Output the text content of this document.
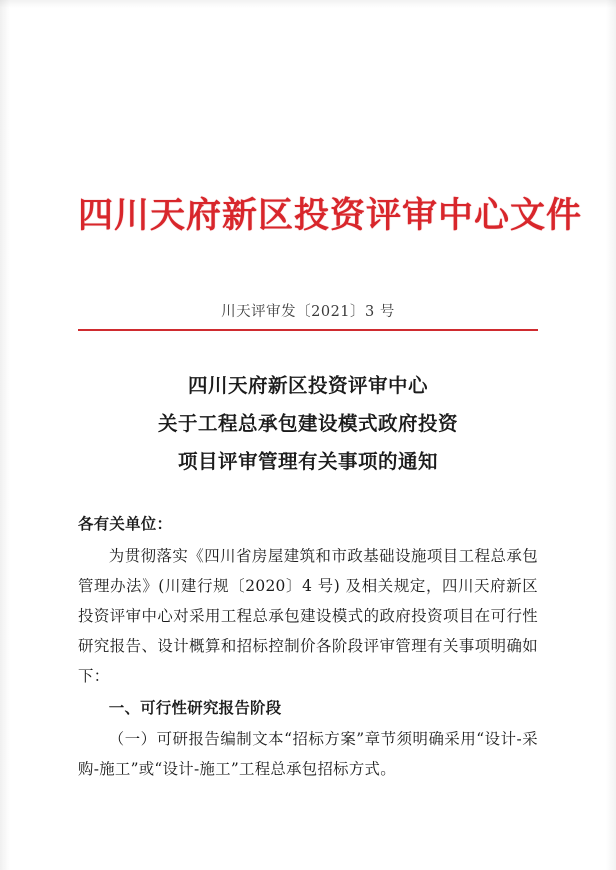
四川天府新区投资评审中心文件
川天评审发〔2021〕3 号
四川天府新区投资评审中心
关于工程总承包建设模式政府投资
项目评审管理有关事项的通知
各有关单位：
为贯彻落实《四川省房屋建筑和市政基础设施项目工程总承包管理办法》(川建行规〔2020〕4 号) 及相关规定，四川天府新区投资评审中心对采用工程总承包建设模式的政府投资项目在可行性研究报告、设计概算和招标控制价各阶段评审管理有关事项明确如下：
一、可行性研究报告阶段
（一）可研报告编制文本“招标方案”章节须明确采用“设计-采购-施工”或“设计-施工”工程总承包招标方式。
